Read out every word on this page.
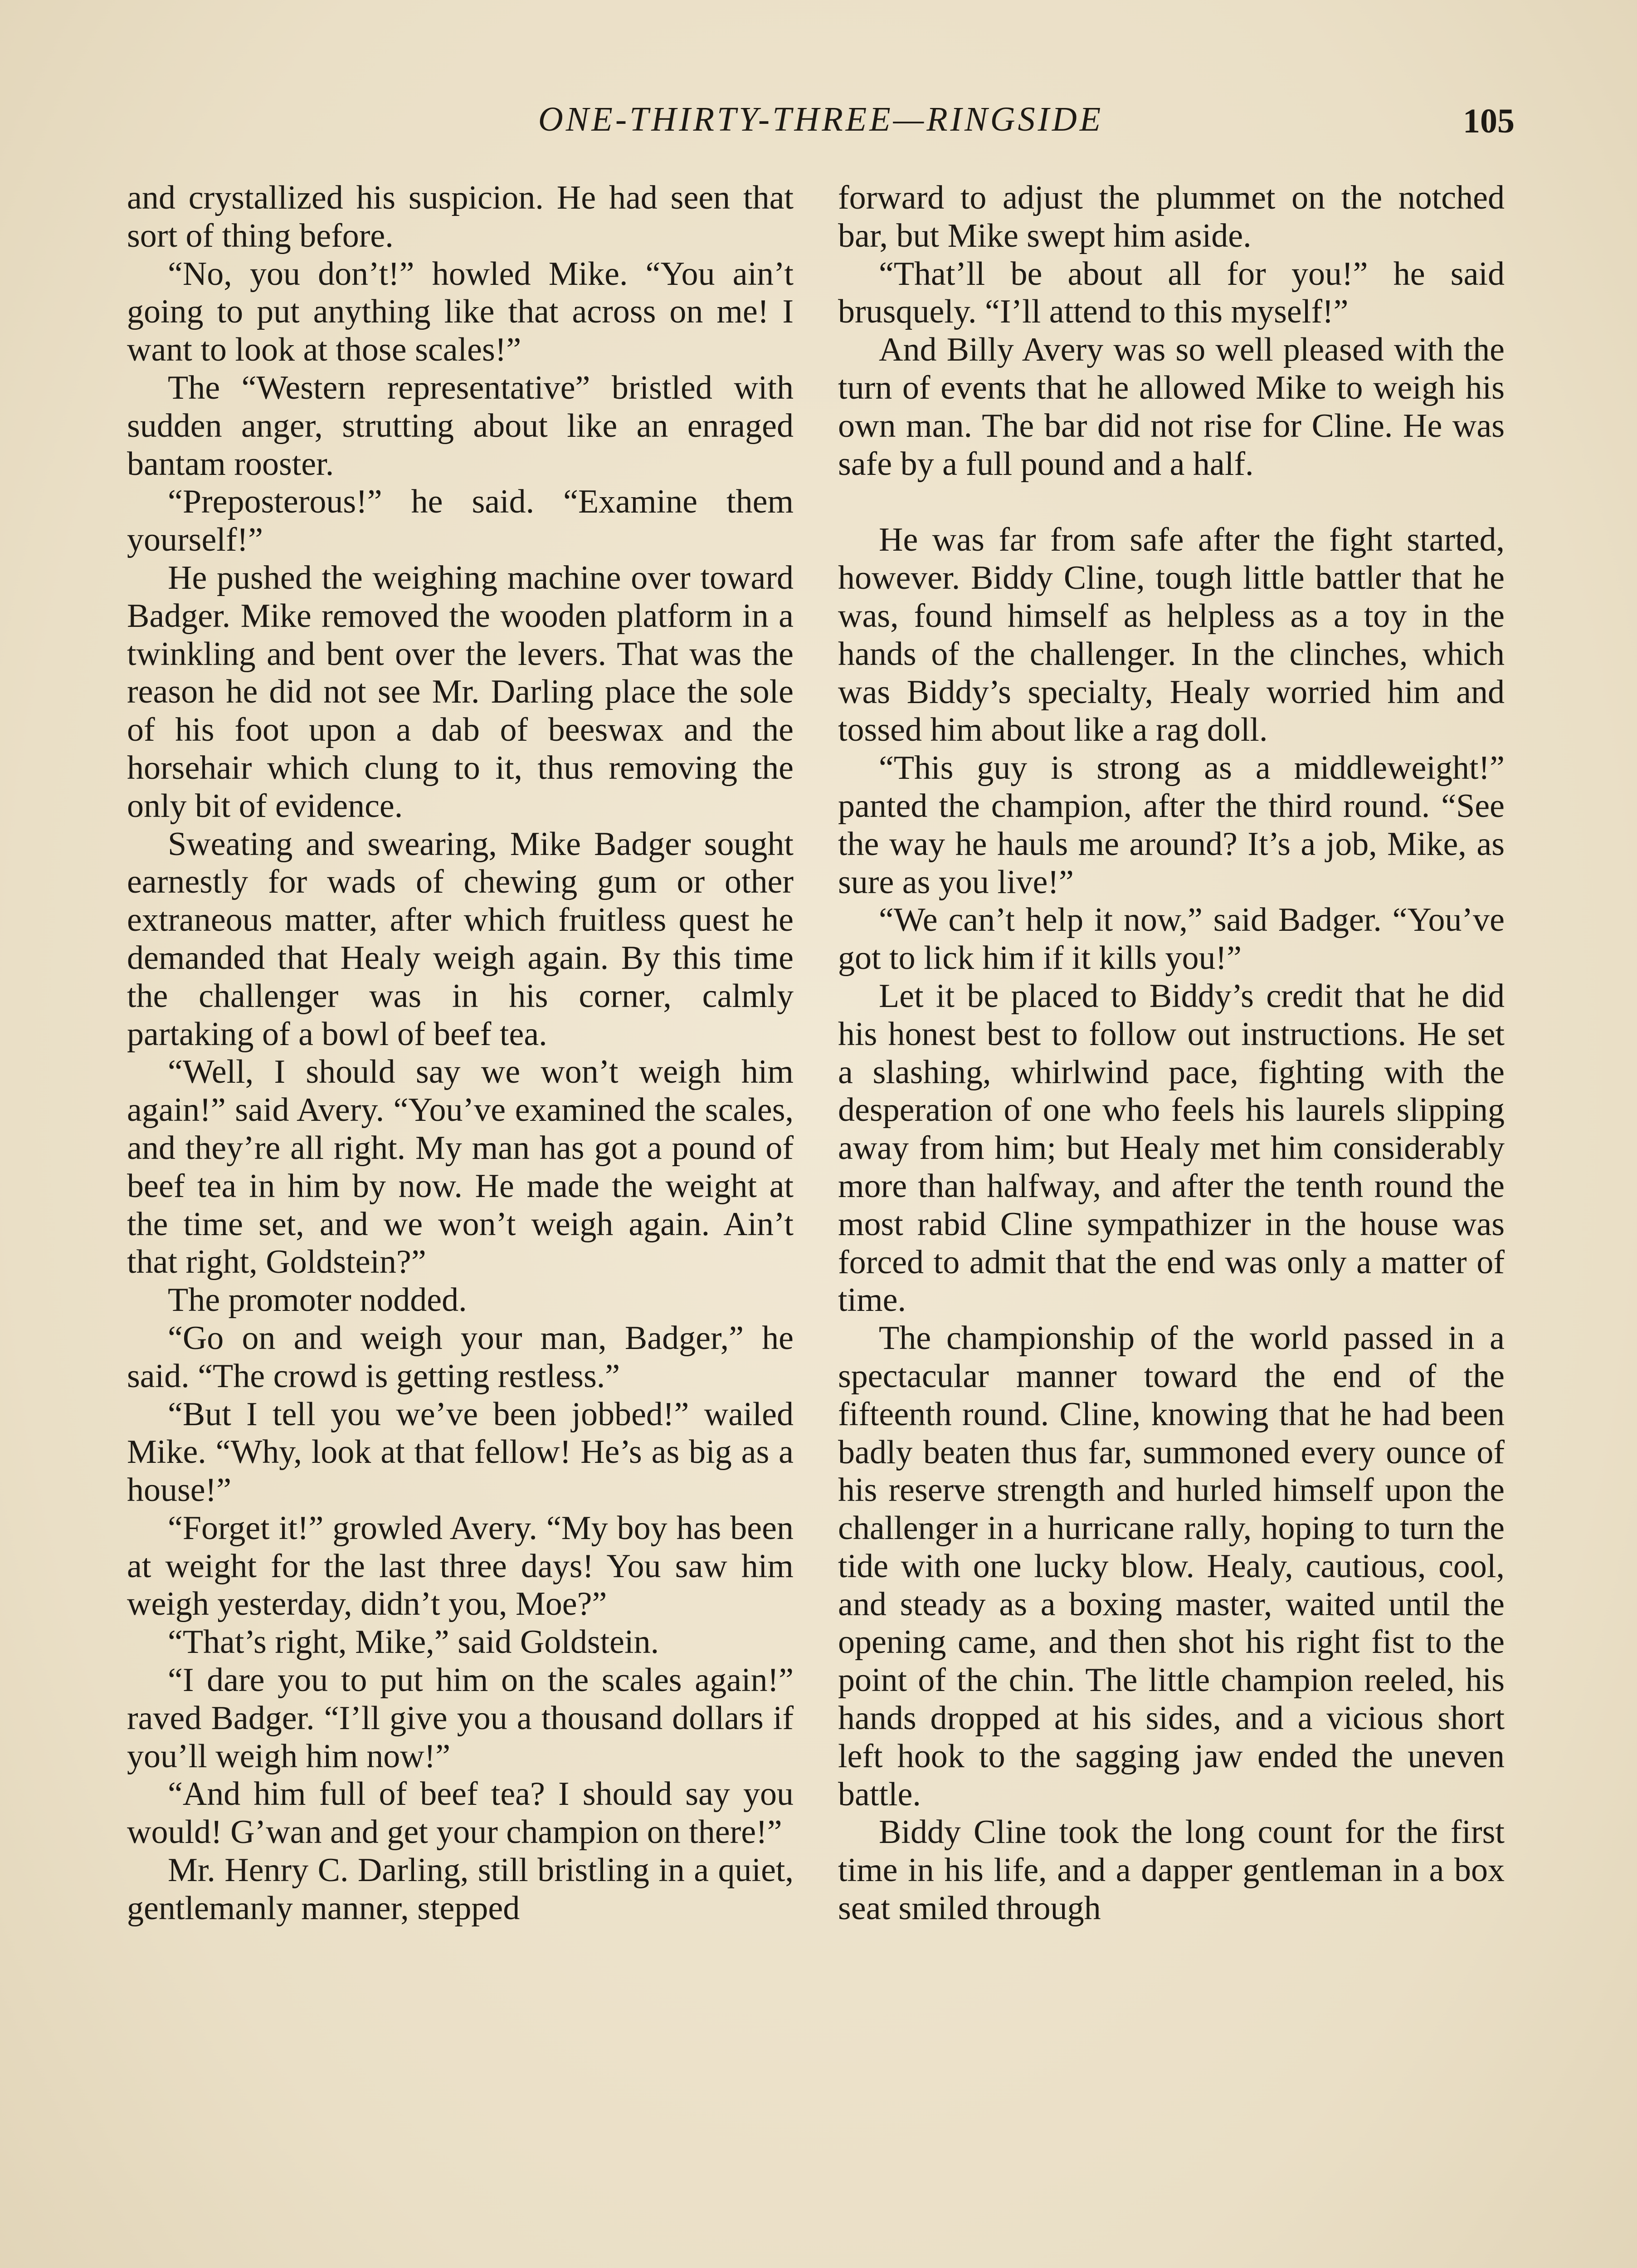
ONE-THIRTY-THREE—RINGSIDE	105

and crystallized his suspicion. He had seen that sort of thing before.

“No, you don’t!” howled Mike. “You ain’t going to put anything like that across on me! I want to look at those scales!”

The “Western representative” bristled with sudden anger, strutting about like an enraged bantam rooster.

“Preposterous!” he said. “Examine them yourself!”

He pushed the weighing machine over toward Badger. Mike removed the wooden platform in a twinkling and bent over the levers. That was the reason he did not see Mr. Darling place the sole of his foot upon a dab of beeswax and the horsehair which clung to it, thus removing the only bit of evidence.

Sweating and swearing, Mike Badger sought earnestly for wads of chewing gum or other extraneous matter, after which fruitless quest he demanded that Healy weigh again. By this time the challenger was in his corner, calmly partaking of a bowl of beef tea.

“Well, I should say we won’t weigh him again!” said Avery. “You’ve examined the scales, and they’re all right. My man has got a pound of beef tea in him by now. He made the weight at the time set, and we won’t weigh again. Ain’t that right, Goldstein?”

The promoter nodded.

“Go on and weigh your man, Badger,” he said. “The crowd is getting restless.”

“But I tell you we’ve been jobbed!” wailed Mike. “Why, look at that fellow! He’s as big as a house!”

“Forget it!” growled Avery. “My boy has been at weight for the last three days! You saw him weigh yesterday, didn’t you, Moe?”

“That’s right, Mike,” said Goldstein.

“I dare you to put him on the scales again!” raved Badger. “I’ll give you a thousand dollars if you’ll weigh him now!”

“And him full of beef tea? I should say you would! G’wan and get your champion on there!”

Mr. Henry C. Darling, still bristling in a quiet, gentlemanly manner, stepped

forward to adjust the plummet on the notched bar, but Mike swept him aside.

“That’ll be about all for you!” he said brusquely. “I’ll attend to this myself!”

And Billy Avery was so well pleased with the turn of events that he allowed Mike to weigh his own man. The bar did not rise for Cline. He was safe by a full pound and a half.

He was far from safe after the fight started, however. Biddy Cline, tough little battler that he was, found himself as helpless as a toy in the hands of the challenger. In the clinches, which was Biddy’s specialty, Healy worried him and tossed him about like a rag doll.

“This guy is strong as a middleweight!” panted the champion, after the third round. “See the way he hauls me around? It’s a job, Mike, as sure as you live!”

“We can’t help it now,” said Badger. “You’ve got to lick him if it kills you!”

Let it be placed to Biddy’s credit that he did his honest best to follow out instructions. He set a slashing, whirlwind pace, fighting with the desperation of one who feels his laurels slipping away from him; but Healy met him considerably more than halfway, and after the tenth round the most rabid Cline sympathizer in the house was forced to admit that the end was only a matter of time.

The championship of the world passed in a spectacular manner toward the end of the fifteenth round. Cline, knowing that he had been badly beaten thus far, summoned every ounce of his reserve strength and hurled himself upon the challenger in a hurricane rally, hoping to turn the tide with one lucky blow. Healy, cautious, cool, and steady as a boxing master, waited until the opening came, and then shot his right fist to the point of the chin. The little champion reeled, his hands dropped at his sides, and a vicious short left hook to the sagging jaw ended the uneven battle.

Biddy Cline took the long count for the first time in his life, and a dapper gentleman in a box seat smiled through
